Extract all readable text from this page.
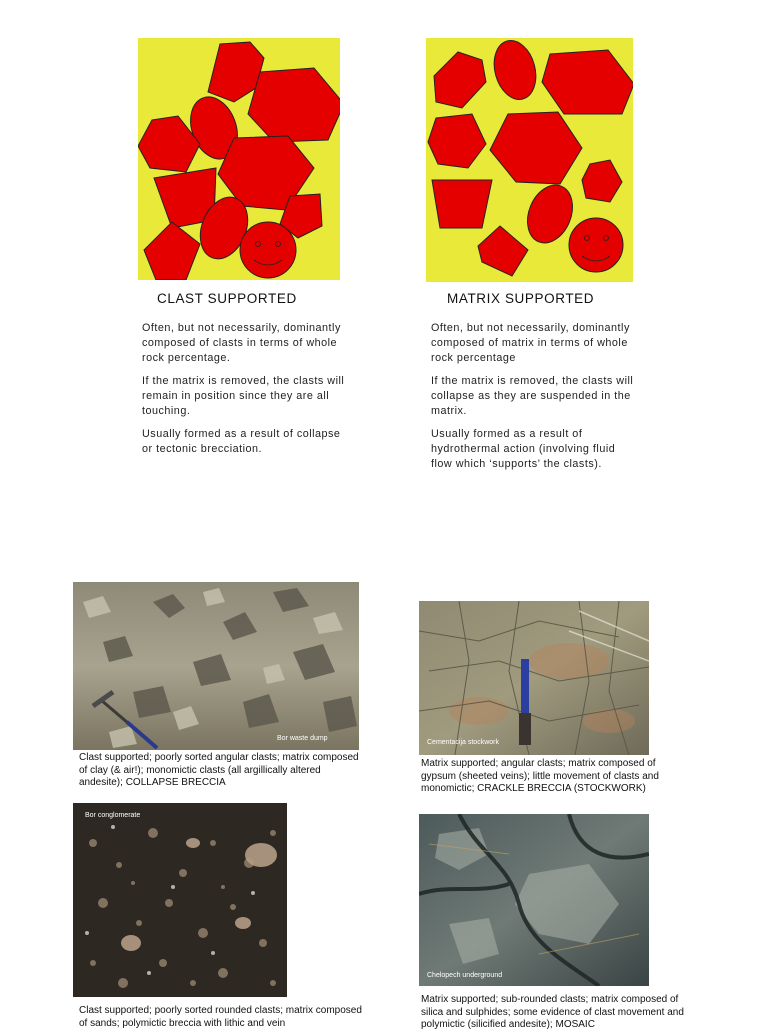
CLAST SUPPORTED

Often, but not necessarily, dominantly composed of clasts in terms of whole rock percentage.

If the matrix is removed, the clasts will remain in position since they are all touching.

Usually formed as a result of collapse or tectonic brecciation.

MATRIX SUPPORTED

Often, but not necessarily, dominantly composed of matrix in terms of whole rock percentage

If the matrix is removed, the clasts will collapse as they are suspended in the matrix.

Usually formed as a result of hydrothermal action (involving fluid flow which ‘supports’ the clasts).

Bor waste dump
Clast supported; poorly sorted angular clasts; matrix composed of clay (& air!); monomictic clasts (all argillically altered andesite); COLLAPSE BRECCIA
Cementacija stockwork
Matrix supported; angular clasts; matrix composed of gypsum (sheeted veins); little movement of clasts and monomictic; CRACKLE BRECCIA (STOCKWORK)
Bor conglomerate
Clast supported; poorly sorted rounded clasts; matrix composed of sands; polymictic breccia with lithic and vein
Chelopech underground
Matrix supported; sub-rounded clasts; matrix composed of silica and sulphides; some evidence of clast movement and polymictic (silicified andesite); MOSAIC
